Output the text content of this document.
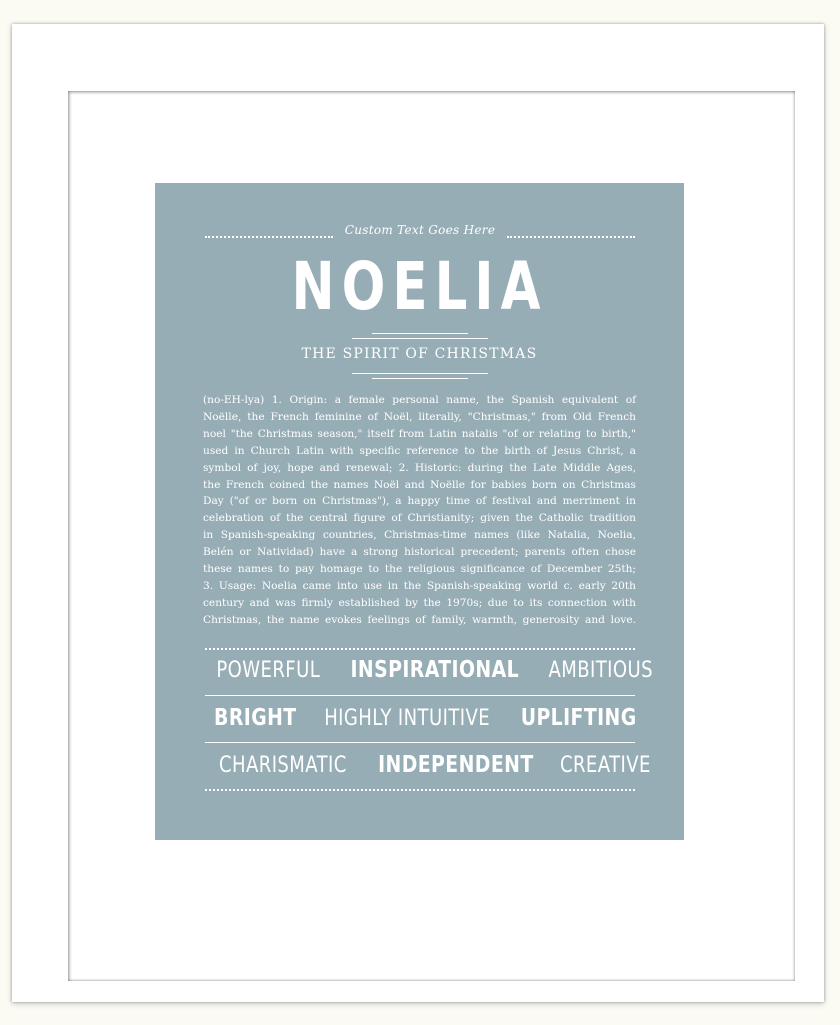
Custom Text Goes Here
NOELIA
THE SPIRIT OF CHRISTMAS
(no-EH-lya) 1. Origin: a female personal name, the Spanish equivalent of
Noëlle, the French feminine of Noël, literally, "Christmas," from Old French
noel "the Christmas season," itself from Latin natalis "of or relating to birth,"
used in Church Latin with specific reference to the birth of Jesus Christ, a
symbol of joy, hope and renewal; 2. Historic: during the Late Middle Ages,
the French coined the names Noël and Noëlle for babies born on Christmas
Day ("of or born on Christmas"), a happy time of festival and merriment in
celebration of the central figure of Christianity; given the Catholic tradition
in Spanish-speaking countries, Christmas-time names (like Natalia, Noelia,
Belén or Natividad) have a strong historical precedent; parents often chose
these names to pay homage to the religious significance of December 25th;
3. Usage: Noelia came into use in the Spanish-speaking world c. early 20th
century and was firmly established by the 1970s; due to its connection with
Christmas, the name evokes feelings of family, warmth, generosity and love.
POWERFUL INSPIRATIONAL AMBITIOUS
BRIGHT HIGHLY INTUITIVE UPLIFTING
CHARISMATIC INDEPENDENT CREATIVE
